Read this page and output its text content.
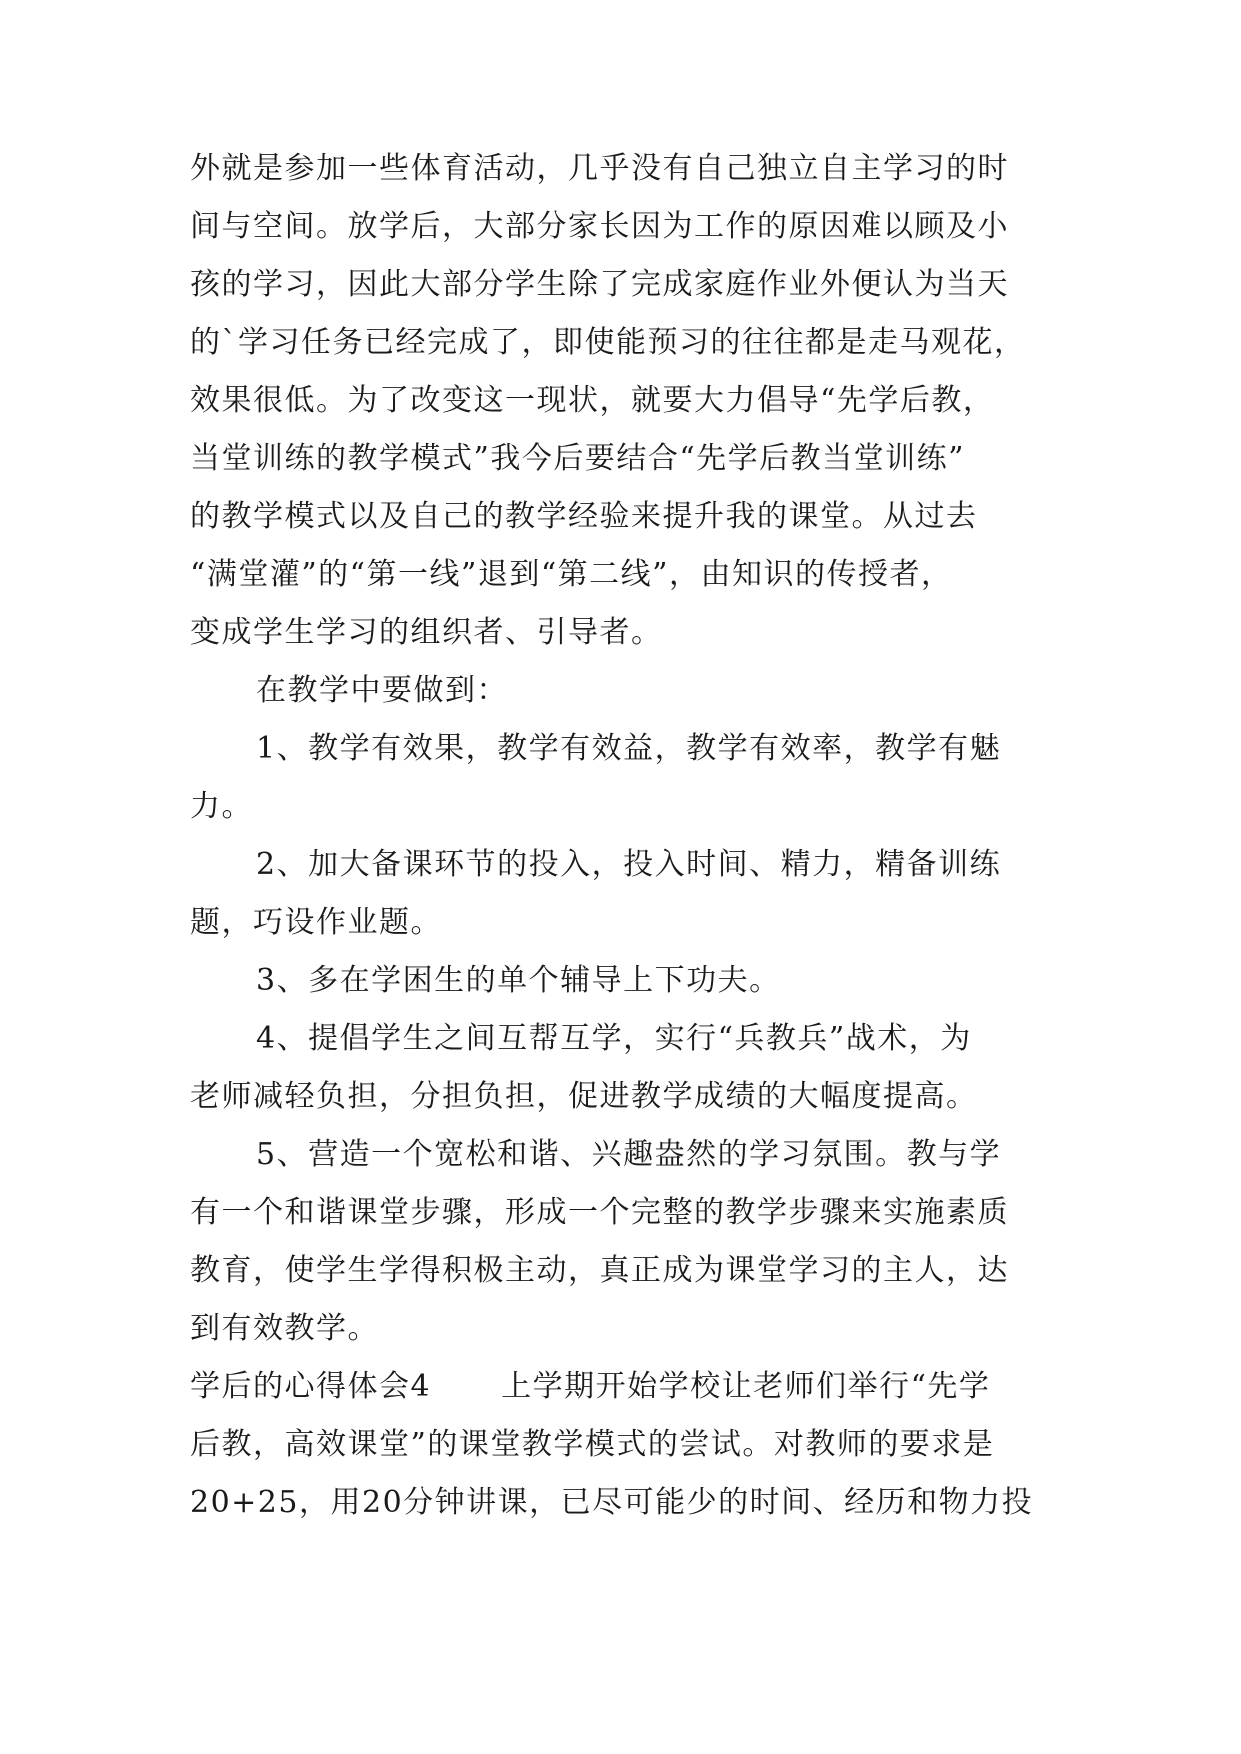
外就是参加一些体育活动，几乎没有自己独立自主学习的时
间与空间。放学后，大部分家长因为工作的原因难以顾及小
孩的学习，因此大部分学生除了完成家庭作业外便认为当天
的`学习任务已经完成了，即使能预习的往往都是走马观花，
效果很低。为了改变这一现状，就要大力倡导“先学后教，
当堂训练的教学模式”我今后要结合“先学后教当堂训练”
的教学模式以及自己的教学经验来提升我的课堂。从过去
“满堂灌”的“第一线”退到“第二线”，由知识的传授者，
变成学生学习的组织者、引导者。
在教学中要做到：
1、教学有效果，教学有效益，教学有效率，教学有魅
力。
2、加大备课环节的投入，投入时间、精力，精备训练
题，巧设作业题。
3、多在学困生的单个辅导上下功夫。
4、提倡学生之间互帮互学，实行“兵教兵”战术，为
老师减轻负担，分担负担，促进教学成绩的大幅度提高。
5、营造一个宽松和谐、兴趣盎然的学习氛围。教与学
有一个和谐课堂步骤，形成一个完整的教学步骤来实施素质
教育，使学生学得积极主动，真正成为课堂学习的主人，达
到有效教学。
学后的心得体会4 上学期开始学校让老师们举行“先学
后教，高效课堂”的课堂教学模式的尝试。对教师的要求是
20+25，用20分钟讲课，已尽可能少的时间、经历和物力投
